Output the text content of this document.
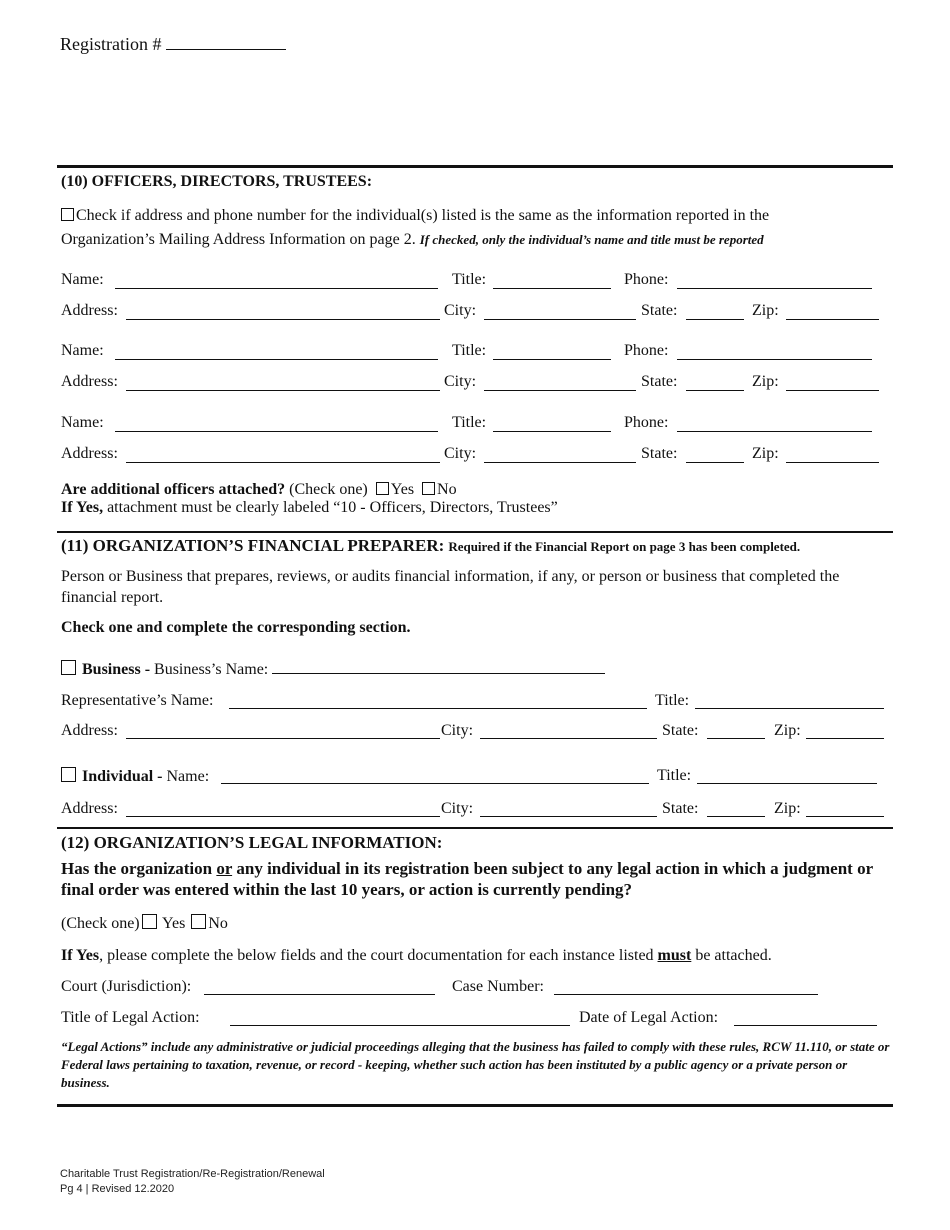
Registration #
(10) OFFICERS, DIRECTORS, TRUSTEES:
Check if address and phone number for the individual(s) listed is the same as the information reported in the
Organization’s Mailing Address Information on page 2. If checked, only the individual’s name and title must be reported
Name:	Title:	Phone:
Address:	City:	State:	Zip:
Name:	Title:	Phone:
Address:	City:	State:	Zip:
Name:	Title:	Phone:
Address:	City:	State:	Zip:
Are additional officers attached? (Check one) Yes No
If Yes, attachment must be clearly labeled “10 - Officers, Directors, Trustees”
(11) ORGANIZATION’S FINANCIAL PREPARER: Required if the Financial Report on page 3 has been completed.
Person or Business that prepares, reviews, or audits financial information, if any, or person or business that completed the financial report.
Check one and complete the corresponding section.
Business - Business’s Name:
Representative’s Name:	Title:
Address:	City:	State:	Zip:
Individual - Name:	Title:
Address:	City:	State:	Zip:
(12) ORGANIZATION’S LEGAL INFORMATION:
Has the organization or any individual in its registration been subject to any legal action in which a judgment or final order was entered within the last 10 years, or action is currently pending?
(Check one) Yes No
If Yes, please complete the below fields and the court documentation for each instance listed must be attached.
Court (Jurisdiction):	Case Number:
Title of Legal Action:	Date of Legal Action:
“Legal Actions” include any administrative or judicial proceedings alleging that the business has failed to comply with these rules, RCW 11.110, or state or Federal laws pertaining to taxation, revenue, or record - keeping, whether such action has been instituted by a public agency or a private person or business.
Charitable Trust Registration/Re-Registration/Renewal
Pg 4 | Revised 12.2020
